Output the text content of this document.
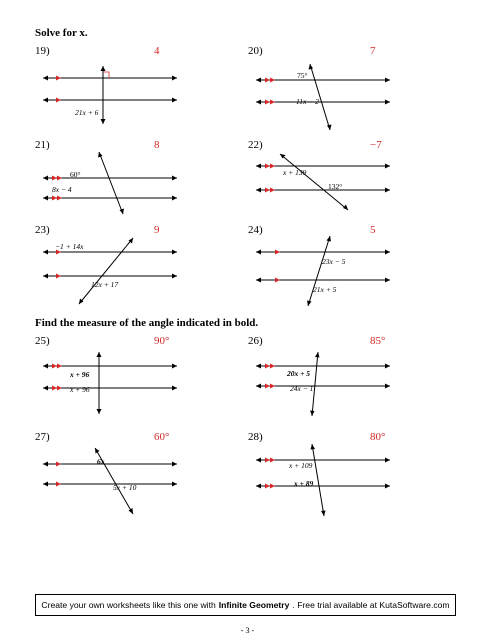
Solve for x.
Find the measure of the angle indicated in bold.
19)	4
21x + 6
20)	7
75°
11x − 2
21)	8
60°
8x − 4
22)	−7
x + 139
132°
23)	9
−1 + 14x
12x + 17
24)	5
23x − 5
21x + 5
25)	90°
x + 96
x + 96
26)	85°
20x + 5
24x − 1
27)	60°
6x
5x + 10
28)	80°
x + 109
x + 89
Create your own worksheets like this one with Infinite Geometry . Free trial available at KutaSoftware.com
- 3 -
